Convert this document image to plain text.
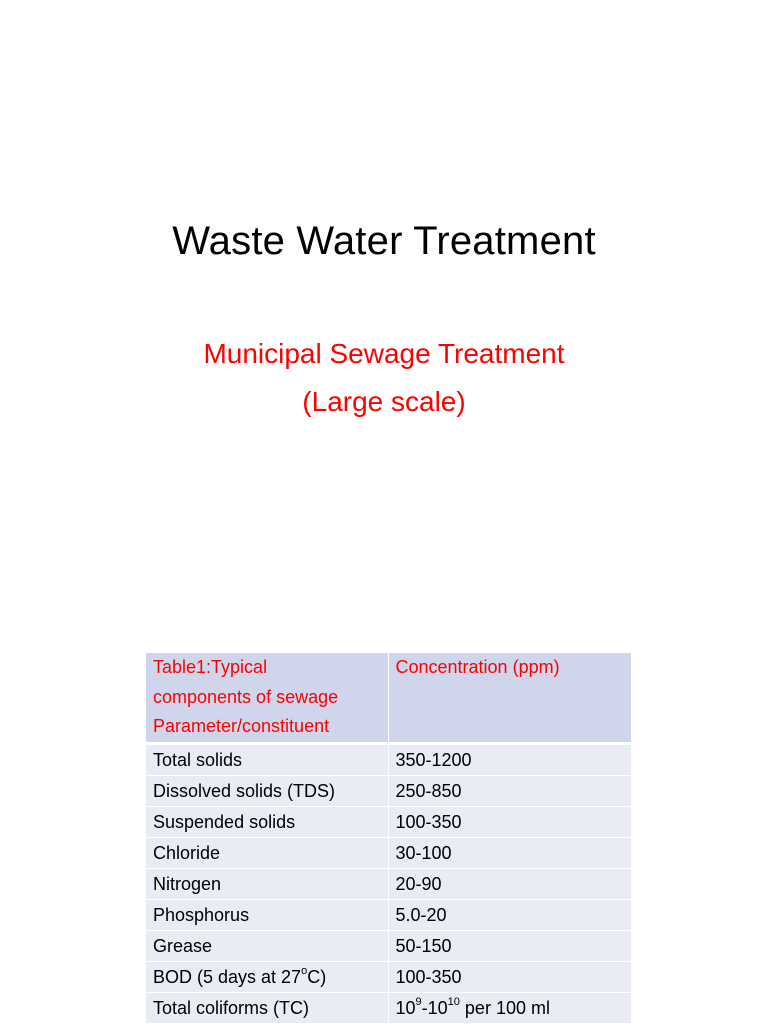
Waste Water Treatment
Municipal Sewage Treatment
(Large scale)
Table1:Typical
components of sewage
Parameter/constituent	Concentration (ppm)

Total solids	350-1200
Dissolved solids (TDS)	250-850
Suspended solids	100-350
Chloride	30-100
Nitrogen	20-90
Phosphorus	5.0-20
Grease	50-150
BOD (5 days at 27$^o$C)	100-350
Total coliforms (TC)	$10^9-10^{10}$ per 100 ml
